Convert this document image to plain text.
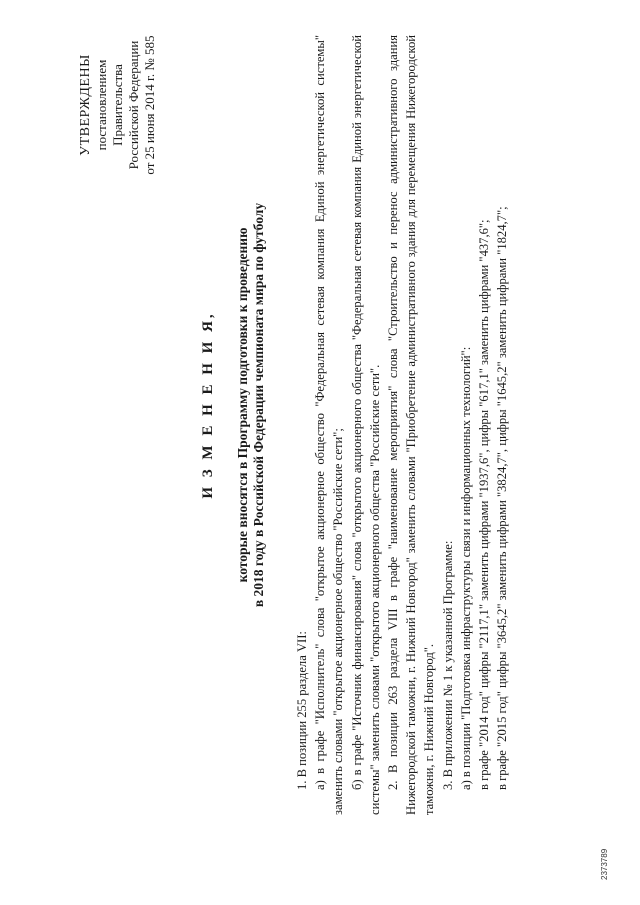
УТВЕРЖДЕНЫ постановлением Правительства Российской Федерации от 25 июня 2014 г. № 585
И З М Е Н Е Н И Я, которые вносятся в Программу подготовки к проведению в 2018 году в Российской Федерации чемпионата мира по футболу

1. В позиции 255 раздела VII: а) в графе "Исполнитель" слова "открытое акционерное общество "Федеральная сетевая компания Единой энергетической системы" заменить словами "открытое акционерное общество "Российские сети"; б) в графе "Источник финансирования" слова "открытого акционерного общества "Федеральная сетевая компания Единой энергетической системы" заменить словами "открытого акционерного общества "Российские сети". 2. В позиции 263 раздела VIII в графе "наименование мероприятия" слова "Строительство и перенос административного здания Нижегородской таможни, г. Нижний Новгород" заменить словами "Приобретение административного здания для перемещения Нижегородской таможни, г. Нижний Новгород". 3. В приложении № 1 к указанной Программе: а) в позиции "Подготовка инфраструктуры связи и информационных технологий": в графе "2014 год" цифры "2117,1" заменить цифрами "1937,6", цифры "617,1" заменить цифрами "437,6"; в графе "2015 год" цифры "3645,2" заменить цифрами "3824,7", цифры "1645,2" заменить цифрами "1824,7";

2373789
